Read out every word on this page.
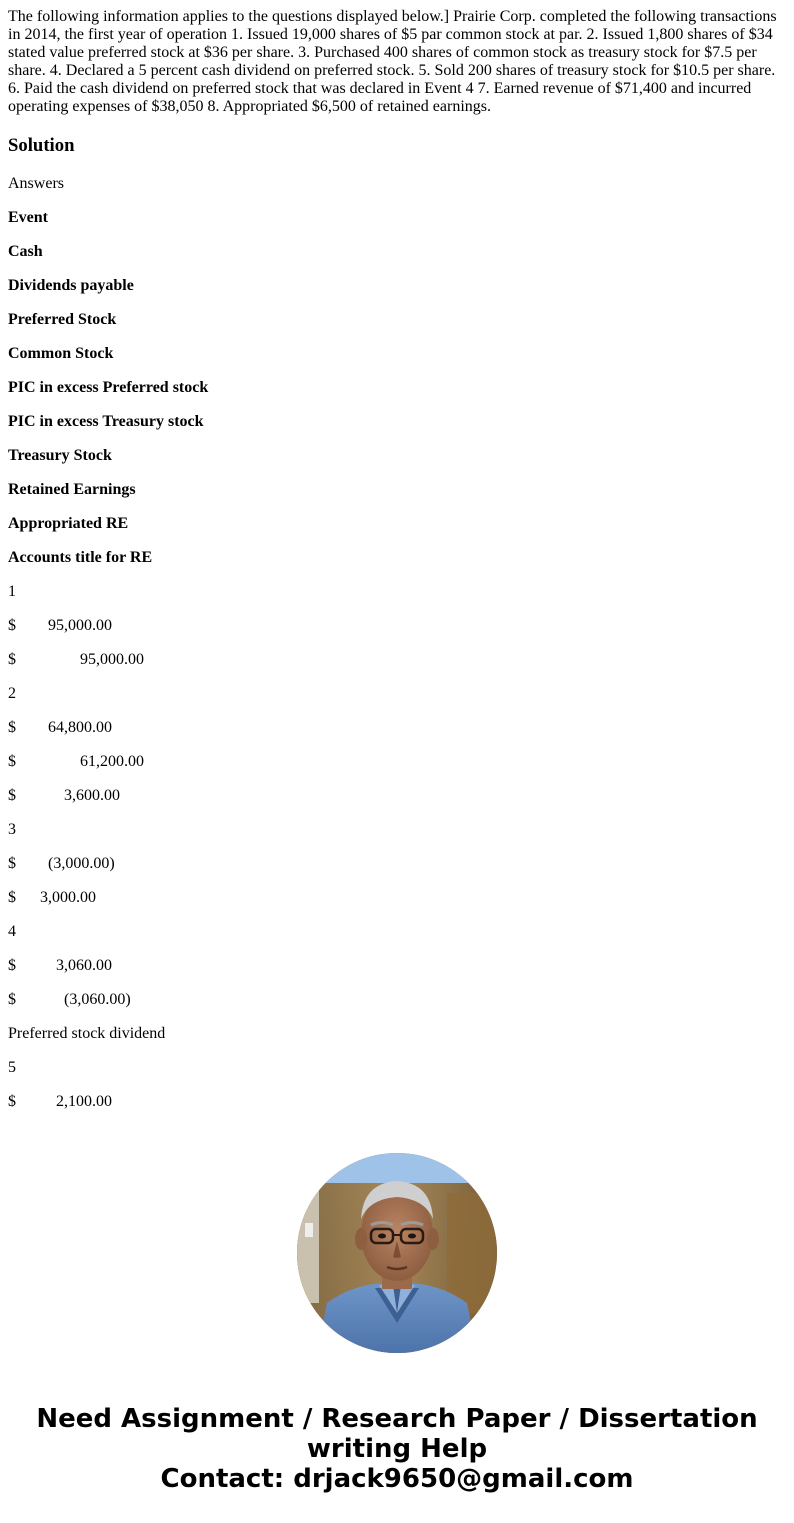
The following information applies to the questions displayed below.] Prairie Corp. completed the following transactions in 2014, the first year of operation 1. Issued 19,000 shares of $5 par common stock at par. 2. Issued 1,800 shares of $34 stated value preferred stock at $36 per share. 3. Purchased 400 shares of common stock as treasury stock for $7.5 per share. 4. Declared a 5 percent cash dividend on preferred stock. 5. Sold 200 shares of treasury stock for $10.5 per share. 6. Paid the cash dividend on preferred stock that was declared in Event 4 7. Earned revenue of $71,400 and incurred operating expenses of $38,050 8. Appropriated $6,500 of retained earnings.

Solution
Answers
Event
Cash
Dividends payable
Preferred Stock
Common Stock
PIC in excess Preferred stock
PIC in excess Treasury stock
Treasury Stock
Retained Earnings
Appropriated RE
Accounts title for RE
1
$        95,000.00
$                95,000.00
2
$        64,800.00
$                61,200.00
$            3,600.00
3
$        (3,000.00)
$      3,000.00
4
$          3,060.00
$            (3,060.00)
Preferred stock dividend
5
$          2,100.00
Need Assignment / Research Paper / Dissertation
writing Help
Contact: drjack9650@gmail.com
